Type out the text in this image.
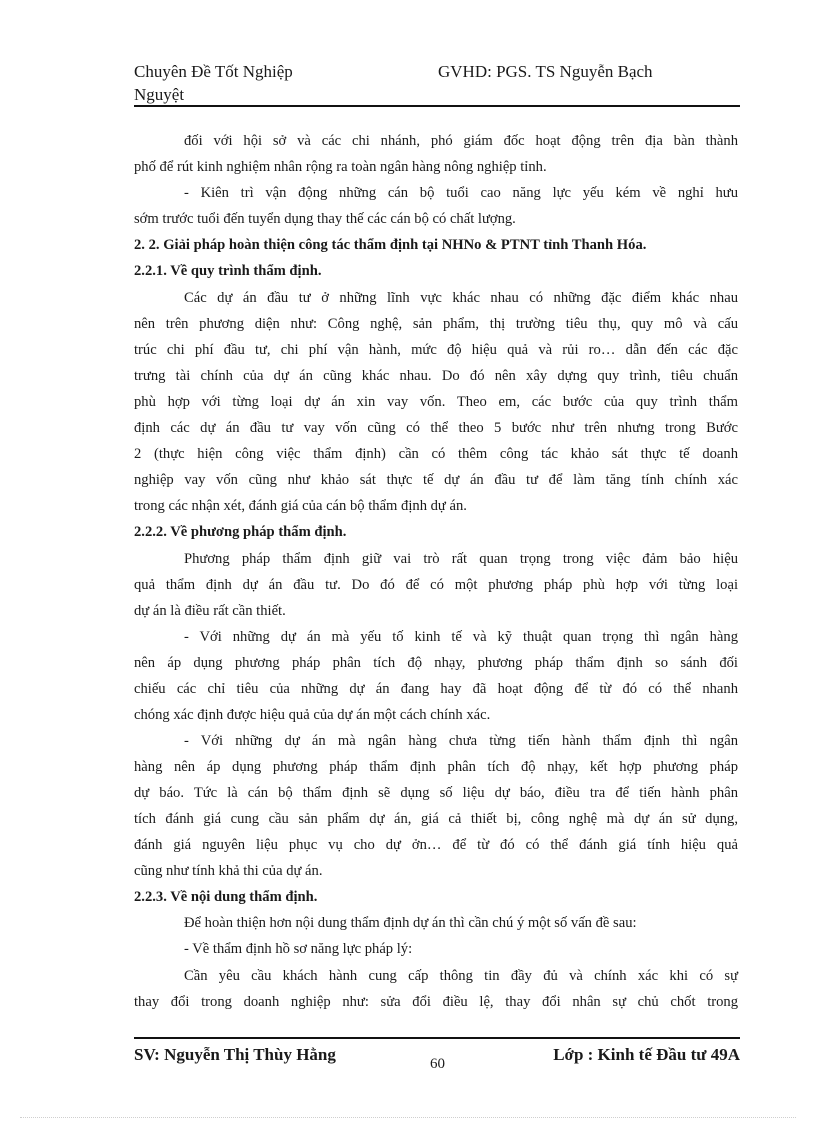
Chuyên Đề Tốt Nghiệp
Nguyệt
GVHD: PGS. TS Nguyễn Bạch
đối với hội sở và các chi nhánh, phó giám đốc hoạt động trên địa bàn thành
phố để rút kinh nghiệm nhân rộng ra toàn ngân hàng nông nghiệp tỉnh.
- Kiên trì vận động những cán bộ tuổi cao năng lực yếu kém về nghỉ hưu
sớm trước tuổi đến tuyển dụng thay thế các cán bộ có chất lượng.
2. 2. Giải pháp hoàn thiện công tác thẩm định tại NHNo & PTNT tỉnh Thanh Hóa.
2.2.1. Về quy trình thẩm định.
Các dự án đầu tư ở những lĩnh vực khác nhau có những đặc điểm khác nhau
nên trên phương diện như: Công nghệ, sản phẩm, thị trường tiêu thụ, quy mô và cấu
trúc chi phí đầu tư, chi phí vận hành, mức độ hiệu quả và rủi ro… dẫn đến các đặc
trưng tài chính của dự án cũng khác nhau. Do đó nên xây dựng quy trình, tiêu chuẩn
phù hợp với từng loại dự án xin vay vốn. Theo em, các bước của quy trình thẩm
định các dự án đầu tư vay vốn cũng có thể theo 5 bước như trên nhưng trong Bước
2 (thực hiện công việc thẩm định) cần có thêm công tác khảo sát thực tế doanh
nghiệp vay vốn cũng như khảo sát thực tế dự án đầu tư để làm tăng tính chính xác
trong các nhận xét, đánh giá của cán bộ thẩm định dự án.
2.2.2. Về phương pháp thẩm định.
Phương pháp thẩm định giữ vai trò rất quan trọng trong việc đảm bảo hiệu
quả thẩm định dự án đầu tư. Do đó để có một phương pháp phù hợp với từng loại
dự án là điều rất cần thiết.
- Với những dự án mà yếu tố kinh tế và kỹ thuật quan trọng thì ngân hàng
nên áp dụng phương pháp phân tích độ nhạy, phương pháp thẩm định so sánh đối
chiếu các chỉ tiêu của những dự án đang hay đã hoạt động để từ đó có thể nhanh
chóng xác định được hiệu quả của dự án một cách chính xác.
- Với những dự án mà ngân hàng chưa từng tiến hành thẩm định thì ngân
hàng nên áp dụng phương pháp thẩm định phân tích độ nhạy, kết hợp phương pháp
dự báo. Tức là cán bộ thẩm định sẽ dụng số liệu dự báo, điều tra để tiến hành phân
tích đánh giá cung cầu sản phẩm dự án, giá cả thiết bị, công nghệ mà dự án sử dụng,
đánh giá nguyên liệu phục vụ cho dự ởn… để từ đó có thể đánh giá tính hiệu quả
cũng như tính khả thi của dự án.
2.2.3. Về nội dung thẩm định.
Để hoàn thiện hơn nội dung thẩm định dự án thì cần chú ý một số vấn đề sau:
- Về thẩm định hồ sơ năng lực pháp lý:
Cần yêu cầu khách hành cung cấp thông tin đầy đủ và chính xác khi có sự
thay đổi trong doanh nghiệp như: sửa đổi điều lệ, thay đổi nhân sự chủ chốt trong
SV: Nguyễn Thị Thùy Hằng	60	Lớp : Kinh tế Đầu tư 49A
